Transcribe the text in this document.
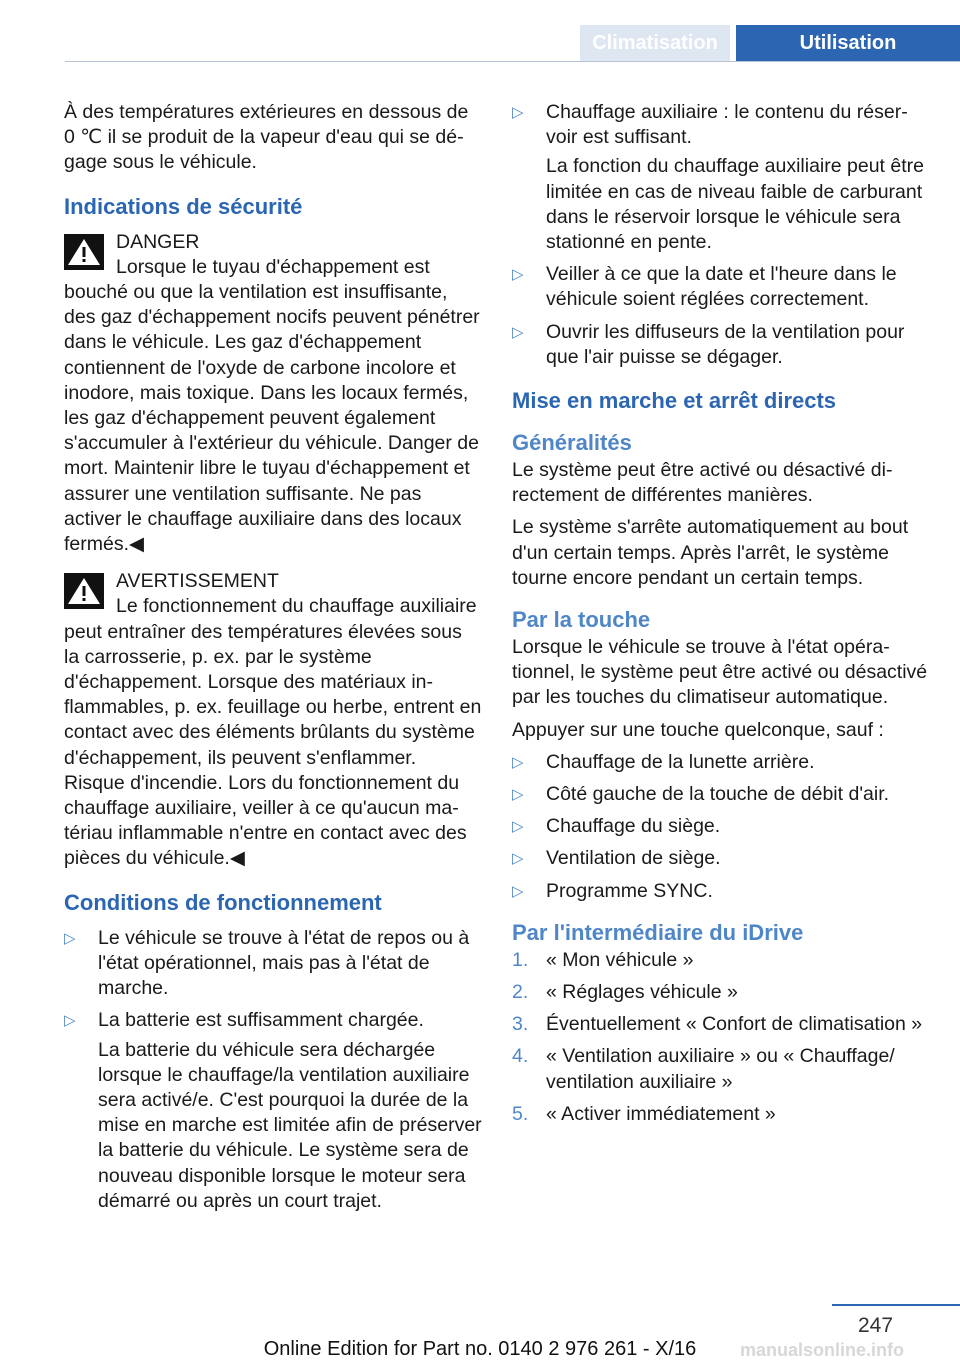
Climatisation	Utilisation

À des températures extérieures en dessous de 0 ℃ il se produit de la vapeur d'eau qui se dégage sous le véhicule.

Indications de sécurité
DANGER
Lorsque le tuyau d'échappement est bouché ou que la ventilation est insuffisante, des gaz d'échappement nocifs peuvent pénétrer dans le véhicule. Les gaz d'échappement contiennent de l'oxyde de carbone incolore et inodore, mais toxique. Dans les locaux fermés, les gaz d'échappement peuvent également s'accumuler à l'extérieur du véhicule. Danger de mort. Maintenir libre le tuyau d'échappement et assurer une ventilation suffisante. Ne pas activer le chauffage auxiliaire dans des locaux fermés.◀
AVERTISSEMENT
Le fonctionnement du chauffage auxiliaire peut entraîner des températures élevées sous la carrosserie, p. ex. par le système d'échappement. Lorsque des matériaux inflammables, p. ex. feuillage ou herbe, entrent en contact avec des éléments brûlants du système d'échappement, ils peuvent s'enflammer. Risque d'incendie. Lors du fonctionnement du chauffage auxiliaire, veiller à ce qu'aucun matériau inflammable n'entre en contact avec des pièces du véhicule.◀
Conditions de fonctionnement
▷ Le véhicule se trouve à l'état de repos ou à l'état opérationnel, mais pas à l'état de marche.
▷ La batterie est suffisamment chargée.

La batterie du véhicule sera déchargée lorsque le chauffage/la ventilation auxiliaire sera activé/e. C'est pourquoi la durée de la mise en marche est limitée afin de préserver la batterie du véhicule. Le système sera de nouveau disponible lorsque le moteur sera démarré ou après un court trajet.

▷ Chauffage auxiliaire : le contenu du réservoir est suffisant.

La fonction du chauffage auxiliaire peut être limitée en cas de niveau faible de carburant dans le réservoir lorsque le véhicule sera stationné en pente.

▷ Veiller à ce que la date et l'heure dans le véhicule soient réglées correctement.
▷ Ouvrir les diffuseurs de la ventilation pour que l'air puisse se dégager.
Mise en marche et arrêt directs
Généralités

Le système peut être activé ou désactivé directement de différentes manières.

Le système s'arrête automatiquement au bout d'un certain temps. Après l'arrêt, le système tourne encore pendant un certain temps.

Par la touche

Lorsque le véhicule se trouve à l'état opérationnel, le système peut être activé ou désactivé par les touches du climatiseur automatique.

Appuyer sur une touche quelconque, sauf :

▷ Chauffage de la lunette arrière.
▷ Côté gauche de la touche de débit d'air.
▷ Chauffage du siège.
▷ Ventilation de siège.
▷ Programme SYNC.
Par l'intermédiaire du iDrive
1. « Mon véhicule »
2. « Réglages véhicule »
3. Éventuellement « Confort de climatisation »
4. « Ventilation auxiliaire » ou « Chauffage/ ventilation auxiliaire »
5. « Activer immédiatement »
247
manualsonline.info
Online Edition for Part no. 0140 2 976 261 - X/16
